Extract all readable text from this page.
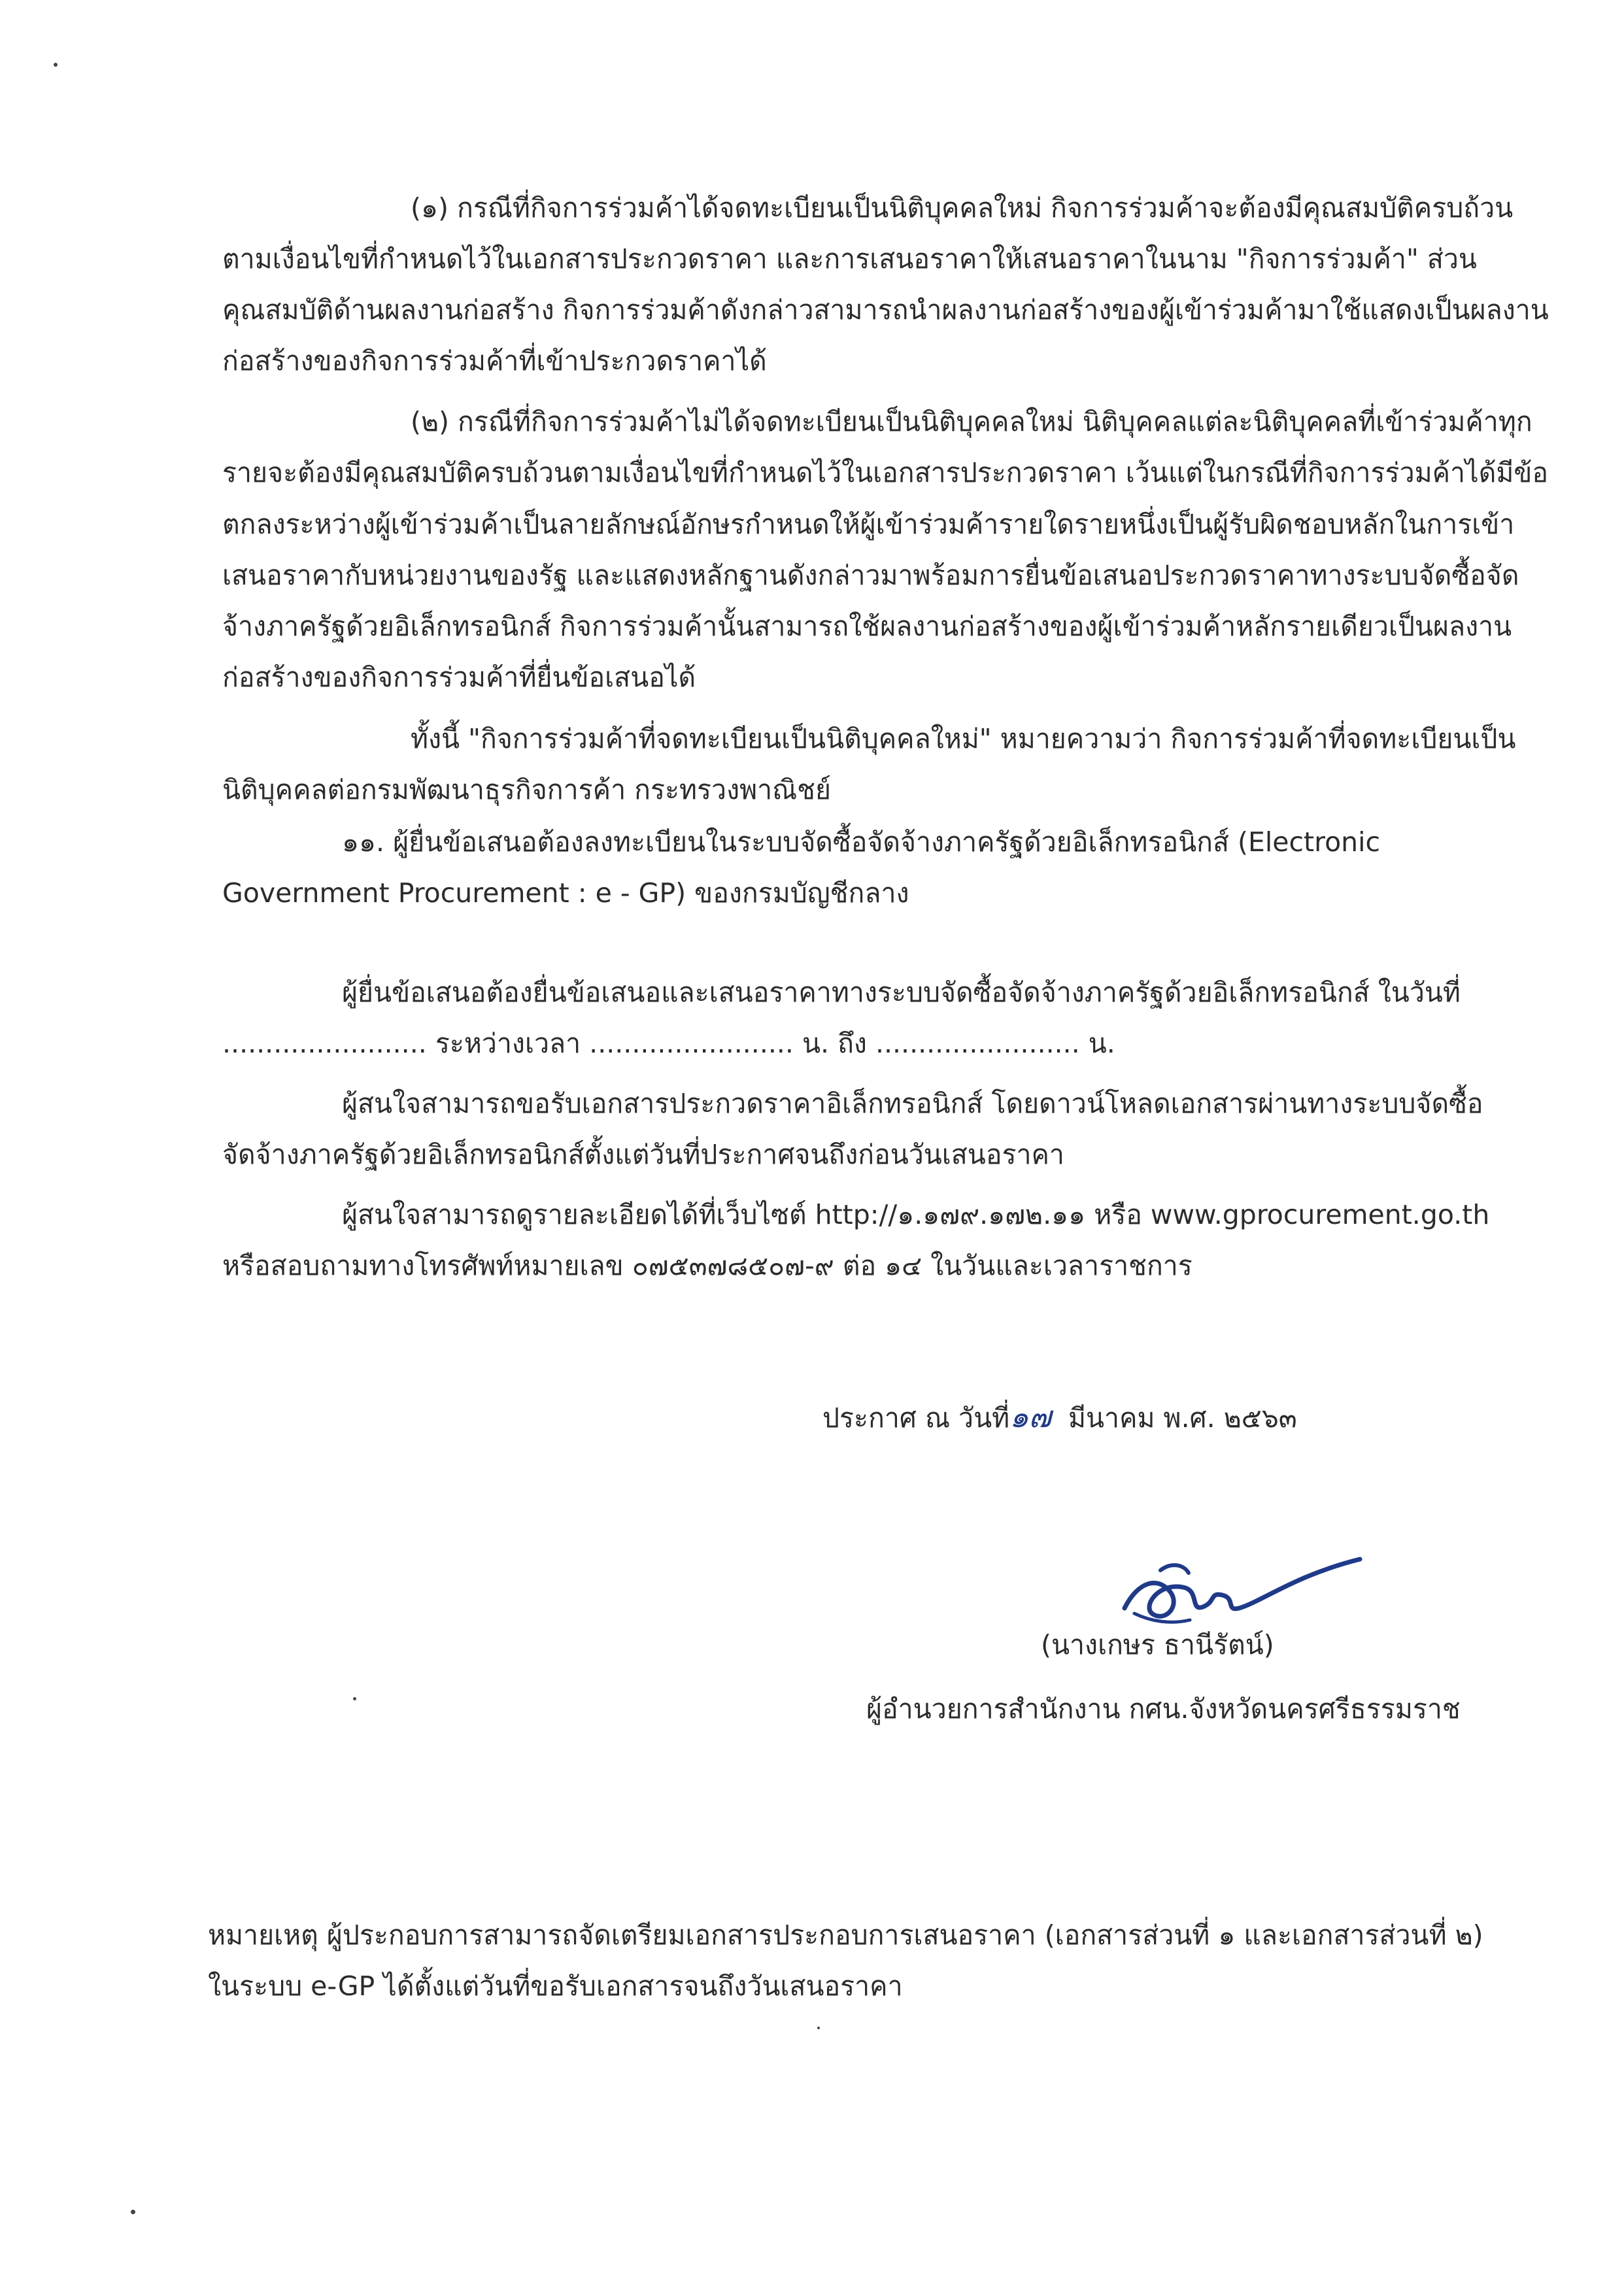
(๑) กรณีที่กิจการร่วมค้าได้จดทะเบียนเป็นนิติบุคคลใหม่ กิจการร่วมค้าจะต้องมีคุณสมบัติครบถ้วน
ตามเงื่อนไขที่กำหนดไว้ในเอกสารประกวดราคา และการเสนอราคาให้เสนอราคาในนาม "กิจการร่วมค้า" ส่วน
คุณสมบัติด้านผลงานก่อสร้าง กิจการร่วมค้าดังกล่าวสามารถนำผลงานก่อสร้างของผู้เข้าร่วมค้ามาใช้แสดงเป็นผลงาน
ก่อสร้างของกิจการร่วมค้าที่เข้าประกวดราคาได้
(๒) กรณีที่กิจการร่วมค้าไม่ได้จดทะเบียนเป็นนิติบุคคลใหม่ นิติบุคคลแต่ละนิติบุคคลที่เข้าร่วมค้าทุก
รายจะต้องมีคุณสมบัติครบถ้วนตามเงื่อนไขที่กำหนดไว้ในเอกสารประกวดราคา เว้นแต่ในกรณีที่กิจการร่วมค้าได้มีข้อ
ตกลงระหว่างผู้เข้าร่วมค้าเป็นลายลักษณ์อักษรกำหนดให้ผู้เข้าร่วมค้ารายใดรายหนึ่งเป็นผู้รับผิดชอบหลักในการเข้า
เสนอราคากับหน่วยงานของรัฐ และแสดงหลักฐานดังกล่าวมาพร้อมการยื่นข้อเสนอประกวดราคาทางระบบจัดซื้อจัด
จ้างภาครัฐด้วยอิเล็กทรอนิกส์ กิจการร่วมค้านั้นสามารถใช้ผลงานก่อสร้างของผู้เข้าร่วมค้าหลักรายเดียวเป็นผลงาน
ก่อสร้างของกิจการร่วมค้าที่ยื่นข้อเสนอได้
ทั้งนี้ "กิจการร่วมค้าที่จดทะเบียนเป็นนิติบุคคลใหม่" หมายความว่า กิจการร่วมค้าที่จดทะเบียนเป็น
นิติบุคคลต่อกรมพัฒนาธุรกิจการค้า กระทรวงพาณิชย์
๑๑. ผู้ยื่นข้อเสนอต้องลงทะเบียนในระบบจัดซื้อจัดจ้างภาครัฐด้วยอิเล็กทรอนิกส์ (Electronic
Government Procurement : e - GP) ของกรมบัญชีกลาง
ผู้ยื่นข้อเสนอต้องยื่นข้อเสนอและเสนอราคาทางระบบจัดซื้อจัดจ้างภาครัฐด้วยอิเล็กทรอนิกส์ ในวันที่
........................ ระหว่างเวลา ........................ น. ถึง ........................ น.
ผู้สนใจสามารถขอรับเอกสารประกวดราคาอิเล็กทรอนิกส์ โดยดาวน์โหลดเอกสารผ่านทางระบบจัดซื้อ
จัดจ้างภาครัฐด้วยอิเล็กทรอนิกส์ตั้งแต่วันที่ประกาศจนถึงก่อนวันเสนอราคา
ผู้สนใจสามารถดูรายละเอียดได้ที่เว็บไซต์ http://๑.๑๗๙.๑๗๒.๑๑ หรือ www.gprocurement.go.th
หรือสอบถามทางโทรศัพท์หมายเลข ๐๗๕๓๗๘๕๐๗-๙ ต่อ ๑๔ ในวันและเวลาราชการ
ประกาศ ณ วันที่๑๗ มีนาคม พ.ศ. ๒๕๖๓
(นางเกษร ธานีรัตน์)
ผู้อำนวยการสำนักงาน กศน.จังหวัดนครศรีธรรมราช
หมายเหตุ ผู้ประกอบการสามารถจัดเตรียมเอกสารประกอบการเสนอราคา (เอกสารส่วนที่ ๑ และเอกสารส่วนที่ ๒)
ในระบบ e-GP ได้ตั้งแต่วันที่ขอรับเอกสารจนถึงวันเสนอราคา
